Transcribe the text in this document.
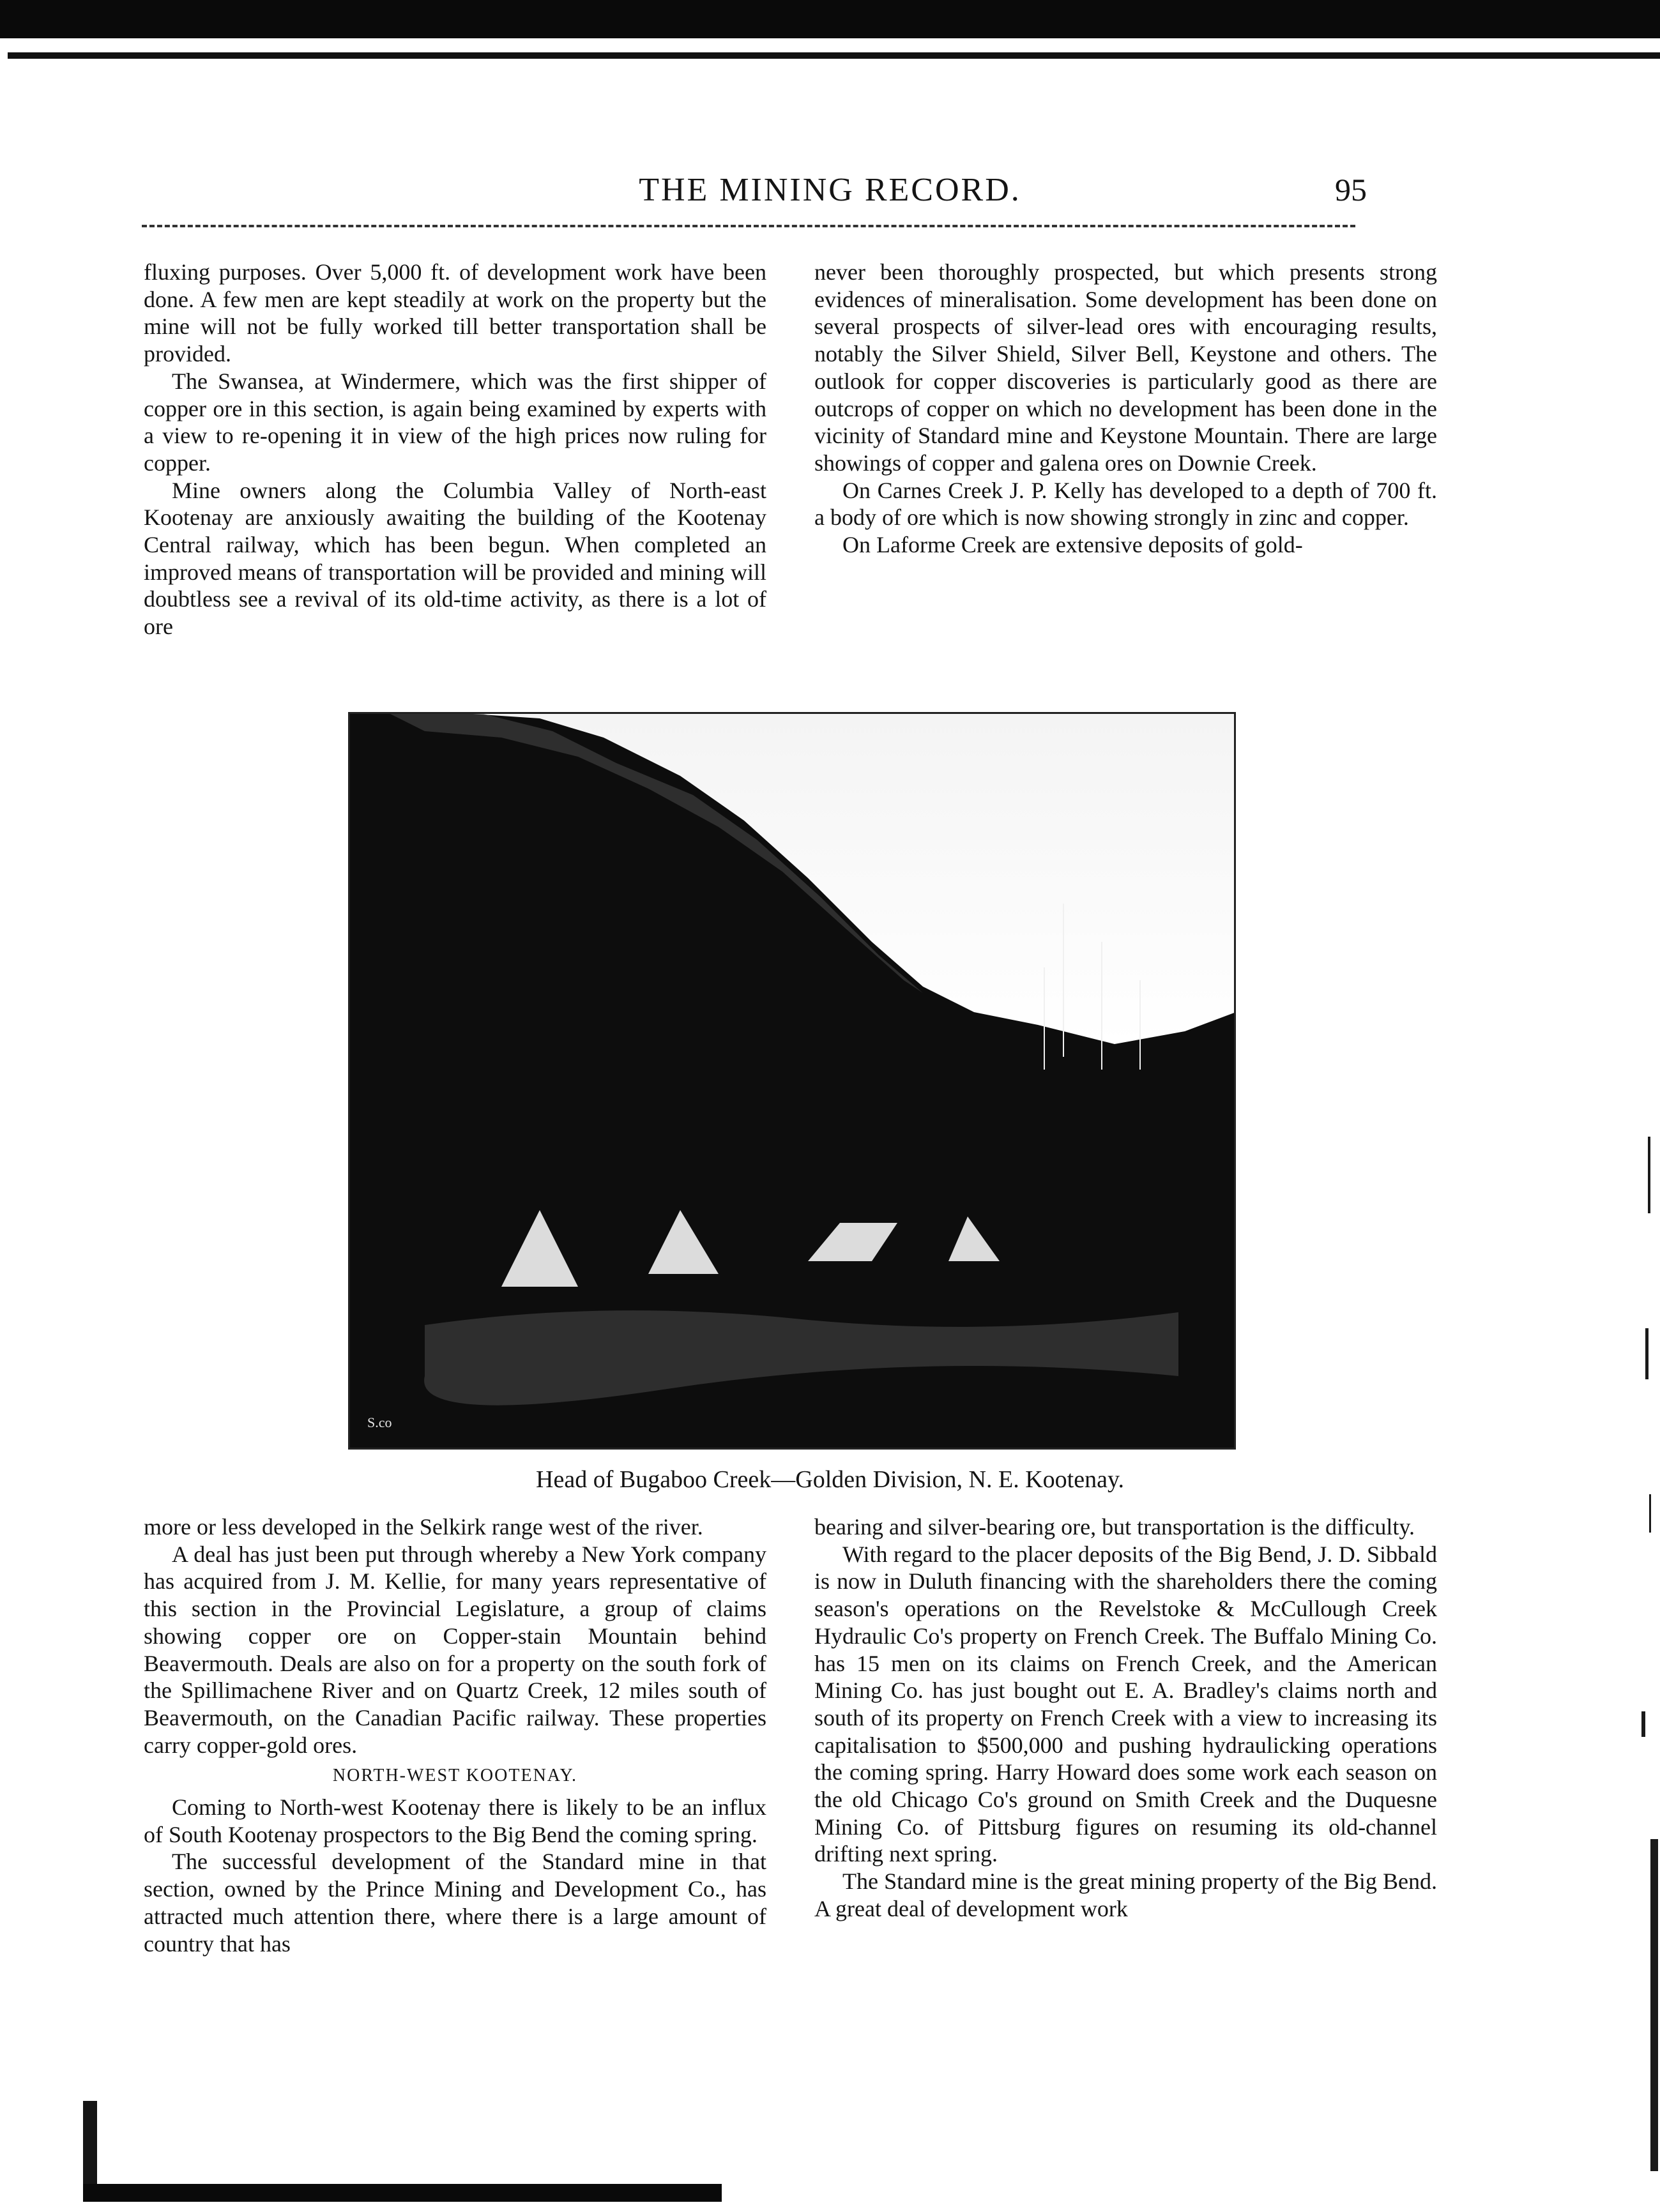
THE MINING RECORD.	95

fluxing purposes. Over 5,000 ft. of development work have been done. A few men are kept steadily at work on the property but the mine will not be fully worked till better transportation shall be provided.

The Swansea, at Windermere, which was the first shipper of copper ore in this section, is again being examined by experts with a view to re-opening it in view of the high prices now ruling for copper.

Mine owners along the Columbia Valley of North-east Kootenay are anxiously awaiting the building of the Kootenay Central railway, which has been begun. When completed an improved means of transportation will be provided and mining will doubtless see a revival of its old-time activity, as there is a lot of ore

never been thoroughly prospected, but which presents strong evidences of mineralisation. Some development has been done on several prospects of silver-lead ores with encouraging results, notably the Silver Shield, Silver Bell, Keystone and others. The outlook for copper discoveries is particularly good as there are outcrops of copper on which no development has been done in the vicinity of Standard mine and Keystone Mountain. There are large showings of copper and galena ores on Downie Creek.

On Carnes Creek J. P. Kelly has developed to a depth of 700 ft. a body of ore which is now showing strongly in zinc and copper.

On Laforme Creek are extensive deposits of gold-

S.co
Head of Bugaboo Creek—Golden Division, N. E. Kootenay.

more or less developed in the Selkirk range west of the river.

A deal has just been put through whereby a New York company has acquired from J. M. Kellie, for many years representative of this section in the Provincial Legislature, a group of claims showing copper ore on Copper-stain Mountain behind Beavermouth. Deals are also on for a property on the south fork of the Spillimachene River and on Quartz Creek, 12 miles south of Beavermouth, on the Canadian Pacific railway. These properties carry copper-gold ores.

NORTH-WEST KOOTENAY.

Coming to North-west Kootenay there is likely to be an influx of South Kootenay prospectors to the Big Bend the coming spring.

The successful development of the Standard mine in that section, owned by the Prince Mining and Development Co., has attracted much attention there, where there is a large amount of country that has

bearing and silver-bearing ore, but transportation is the difficulty.

With regard to the placer deposits of the Big Bend, J. D. Sibbald is now in Duluth financing with the shareholders there the coming season's operations on the Revelstoke & McCullough Creek Hydraulic Co's property on French Creek. The Buffalo Mining Co. has 15 men on its claims on French Creek, and the American Mining Co. has just bought out E. A. Bradley's claims north and south of its property on French Creek with a view to increasing its capitalisation to $500,000 and pushing hydraulicking operations the coming spring. Harry Howard does some work each season on the old Chicago Co's ground on Smith Creek and the Duquesne Mining Co. of Pittsburg figures on resuming its old-channel drifting next spring.

The Standard mine is the great mining property of the Big Bend. A great deal of development work
